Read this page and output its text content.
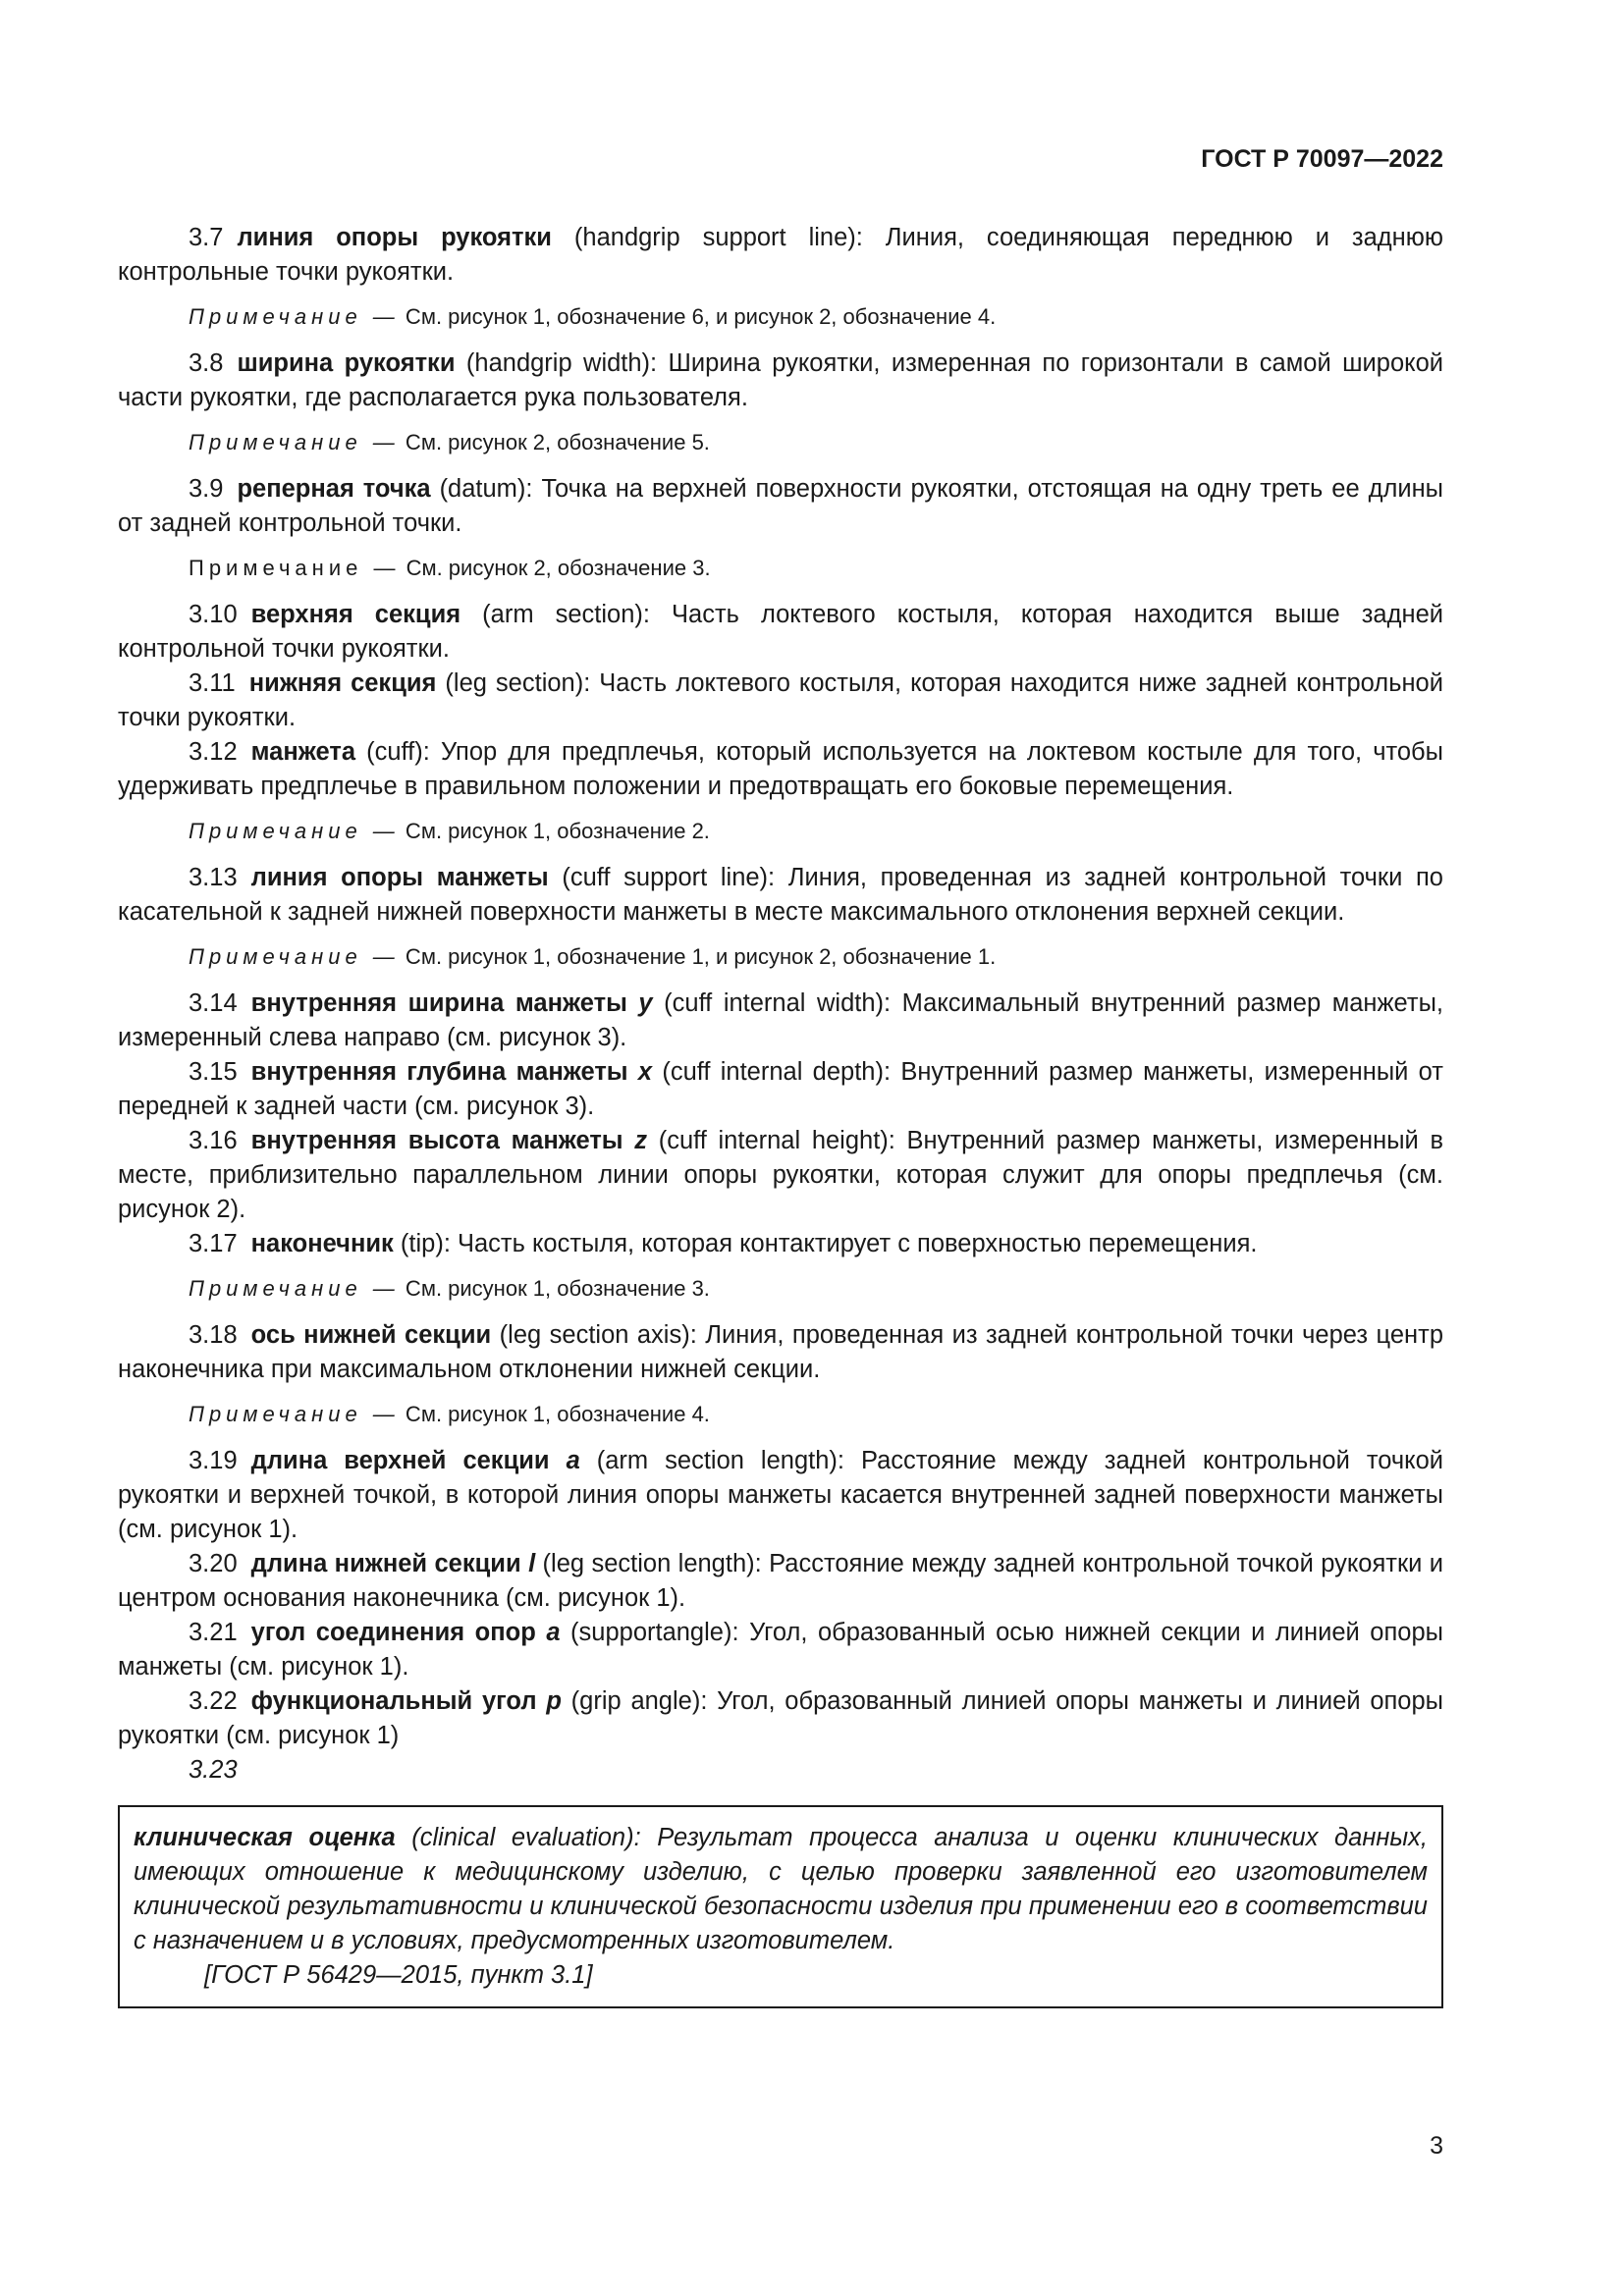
ГОСТ Р 70097—2022

3.7 линия опоры рукоятки (handgrip support line): Линия, соединяющая переднюю и заднюю контрольные точки рукоятки.

Примечание — См. рисунок 1, обозначение 6, и рисунок 2, обозначение 4.

3.8 ширина рукоятки (handgrip width): Ширина рукоятки, измеренная по горизонтали в самой широкой части рукоятки, где располагается рука пользователя.

Примечание — См. рисунок 2, обозначение 5.

3.9 реперная точка (datum): Точка на верхней поверхности рукоятки, отстоящая на одну треть ее длины от задней контрольной точки.

Примечание — См. рисунок 2, обозначение 3.

3.10 верхняя секция (arm section): Часть локтевого костыля, которая находится выше задней контрольной точки рукоятки.

3.11 нижняя секция (leg section): Часть локтевого костыля, которая находится ниже задней контрольной точки рукоятки.

3.12 манжета (cuff): Упор для предплечья, который используется на локтевом костыле для того, чтобы удерживать предплечье в правильном положении и предотвращать его боковые перемещения.

Примечание — См. рисунок 1, обозначение 2.

3.13 линия опоры манжеты (cuff support line): Линия, проведенная из задней контрольной точки по касательной к задней нижней поверхности манжеты в месте максимального отклонения верхней секции.

Примечание — См. рисунок 1, обозначение 1, и рисунок 2, обозначение 1.

3.14 внутренняя ширина манжеты y (cuff internal width): Максимальный внутренний размер манжеты, измеренный слева направо (см. рисунок 3).

3.15 внутренняя глубина манжеты x (cuff internal depth): Внутренний размер манжеты, измеренный от передней к задней части (см. рисунок 3).

3.16 внутренняя высота манжеты z (cuff internal height): Внутренний размер манжеты, измеренный в месте, приблизительно параллельном линии опоры рукоятки, которая служит для опоры предплечья (см. рисунок 2).

3.17 наконечник (tip): Часть костыля, которая контактирует с поверхностью перемещения.

Примечание — См. рисунок 1, обозначение 3.

3.18 ось нижней секции (leg section axis): Линия, проведенная из задней контрольной точки через центр наконечника при максимальном отклонении нижней секции.

Примечание — См. рисунок 1, обозначение 4.

3.19 длина верхней секции a (arm section length): Расстояние между задней контрольной точкой рукоятки и верхней точкой, в которой линия опоры манжеты касается внутренней задней поверхности манжеты (см. рисунок 1).

3.20 длина нижней секции l (leg section length): Расстояние между задней контрольной точкой рукоятки и центром основания наконечника (см. рисунок 1).

3.21 угол соединения опор a (supportangle): Угол, образованный осью нижней секции и линией опоры манжеты (см. рисунок 1).

3.22 функциональный угол p (grip angle): Угол, образованный линией опоры манжеты и линией опоры рукоятки (см. рисунок 1)

3.23
клиническая оценка (clinical evaluation): Результат процесса анализа и оценки клинических данных, имеющих отношение к медицинскому изделию, с целью проверки заявленной его изготовителем клинической результативности и клинической безопасности изделия при применении его в соответствии с назначением и в условиях, предусмотренных изготовителем.
[ГОСТ Р 56429—2015, пункт 3.1]
3
